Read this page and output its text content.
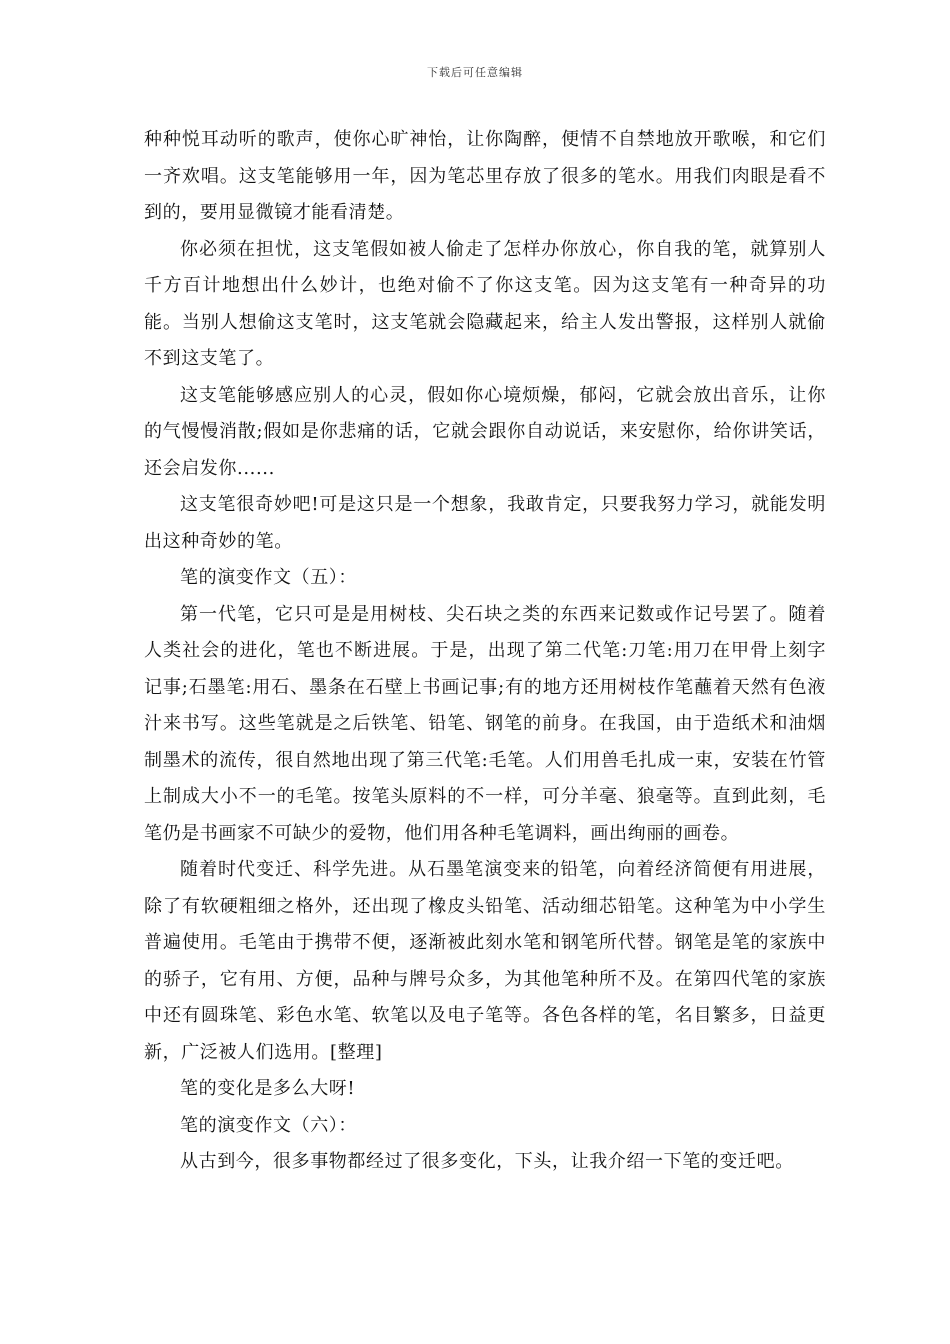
下载后可任意编辑

种种悦耳动听的歌声，使你心旷神怡，让你陶醉，便情不自禁地放开歌喉，和它们一齐欢唱。这支笔能够用一年，因为笔芯里存放了很多的笔水。用我们肉眼是看不到的，要用显微镜才能看清楚。

你必须在担忧，这支笔假如被人偷走了怎样办你放心，你自我的笔，就算别人千方百计地想出什么妙计，也绝对偷不了你这支笔。因为这支笔有一种奇异的功能。当别人想偷这支笔时，这支笔就会隐藏起来，给主人发出警报，这样别人就偷不到这支笔了。

这支笔能够感应别人的心灵，假如你心境烦燥，郁闷，它就会放出音乐，让你的气慢慢消散;假如是你悲痛的话，它就会跟你自动说话，来安慰你，给你讲笑话，还会启发你......

这支笔很奇妙吧!可是这只是一个想象，我敢肯定，只要我努力学习，就能发明出这种奇妙的笔。

笔的演变作文（五）：

第一代笔，它只可是是用树枝、尖石块之类的东西来记数或作记号罢了。随着人类社会的进化，笔也不断进展。于是，出现了第二代笔:刀笔:用刀在甲骨上刻字记事;石墨笔:用石、墨条在石壁上书画记事;有的地方还用树枝作笔蘸着天然有色液汁来书写。这些笔就是之后铁笔、铅笔、钢笔的前身。在我国，由于造纸术和油烟制墨术的流传，很自然地出现了第三代笔:毛笔。人们用兽毛扎成一束，安装在竹管上制成大小不一的毛笔。按笔头原料的不一样，可分羊毫、狼毫等。直到此刻，毛笔仍是书画家不可缺少的爱物，他们用各种毛笔调料，画出绚丽的画卷。

随着时代变迁、科学先进。从石墨笔演变来的铅笔，向着经济简便有用进展，除了有软硬粗细之格外，还出现了橡皮头铅笔、活动细芯铅笔。这种笔为中小学生普遍使用。毛笔由于携带不便，逐渐被此刻水笔和钢笔所代替。钢笔是笔的家族中的骄子，它有用、方便，品种与牌号众多，为其他笔种所不及。在第四代笔的家族中还有圆珠笔、彩色水笔、软笔以及电子笔等。各色各样的笔，名目繁多，日益更新，广泛被人们选用。[整理]

笔的变化是多么大呀!

笔的演变作文（六）：

从古到今，很多事物都经过了很多变化，下头，让我介绍一下笔的变迁吧。
